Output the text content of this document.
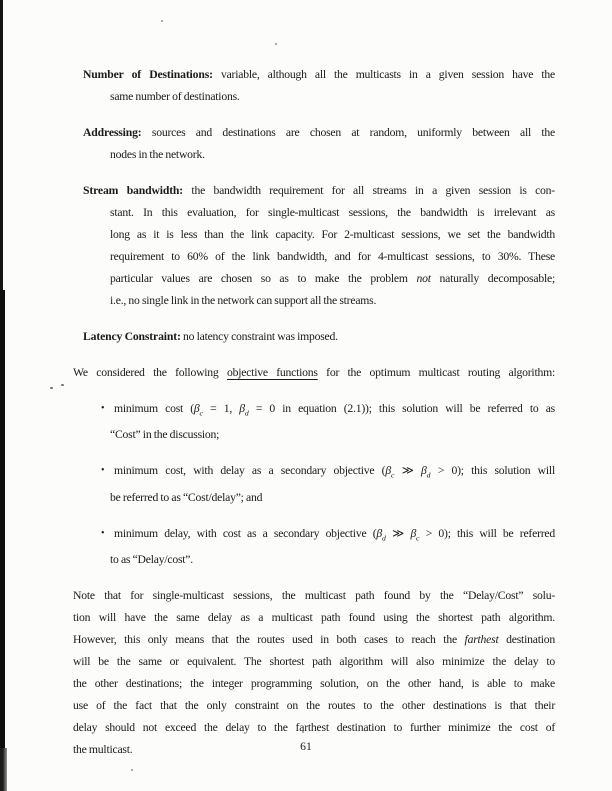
Number of Destinations: variable, although all the multicasts in a given session have the
same number of destinations.
Addressing: sources and destinations are chosen at random, uniformly between all the
nodes in the network.
Stream bandwidth: the bandwidth requirement for all streams in a given session is con-
stant. In this evaluation, for single-multicast sessions, the bandwidth is irrelevant as
long as it is less than the link capacity. For 2-multicast sessions, we set the bandwidth
requirement to 60% of the link bandwidth, and for 4-multicast sessions, to 30%. These
particular values are chosen so as to make the problem not naturally decomposable;
i.e., no single link in the network can support all the streams.
Latency Constraint: no latency constraint was imposed.
We considered the following objective functions for the optimum multicast routing algorithm:
• minimum cost ($\beta_c = 1$, $\beta_d = 0$ in equation (2.1)); this solution will be referred to as
“Cost” in the discussion;
• minimum cost, with delay as a secondary objective ($\beta_c$ ≫ $\beta_d > 0$); this solution will
be referred to as “Cost/delay”; and
• minimum delay, with cost as a secondary objective ($\beta_d$ ≫ $\beta_c > 0$); this will be referred
to as “Delay/cost”.
Note that for single-multicast sessions, the multicast path found by the “Delay/Cost” solu-
tion will have the same delay as a multicast path found using the shortest path algorithm.
However, this only means that the routes used in both cases to reach the farthest destination
will be the same or equivalent. The shortest path algorithm will also minimize the delay to
the other destinations; the integer programming solution, on the other hand, is able to make
use of the fact that the only constraint on the routes to the other destinations is that their
delay should not exceed the delay to the farthest destination to further minimize the cost of
the multicast.	61
